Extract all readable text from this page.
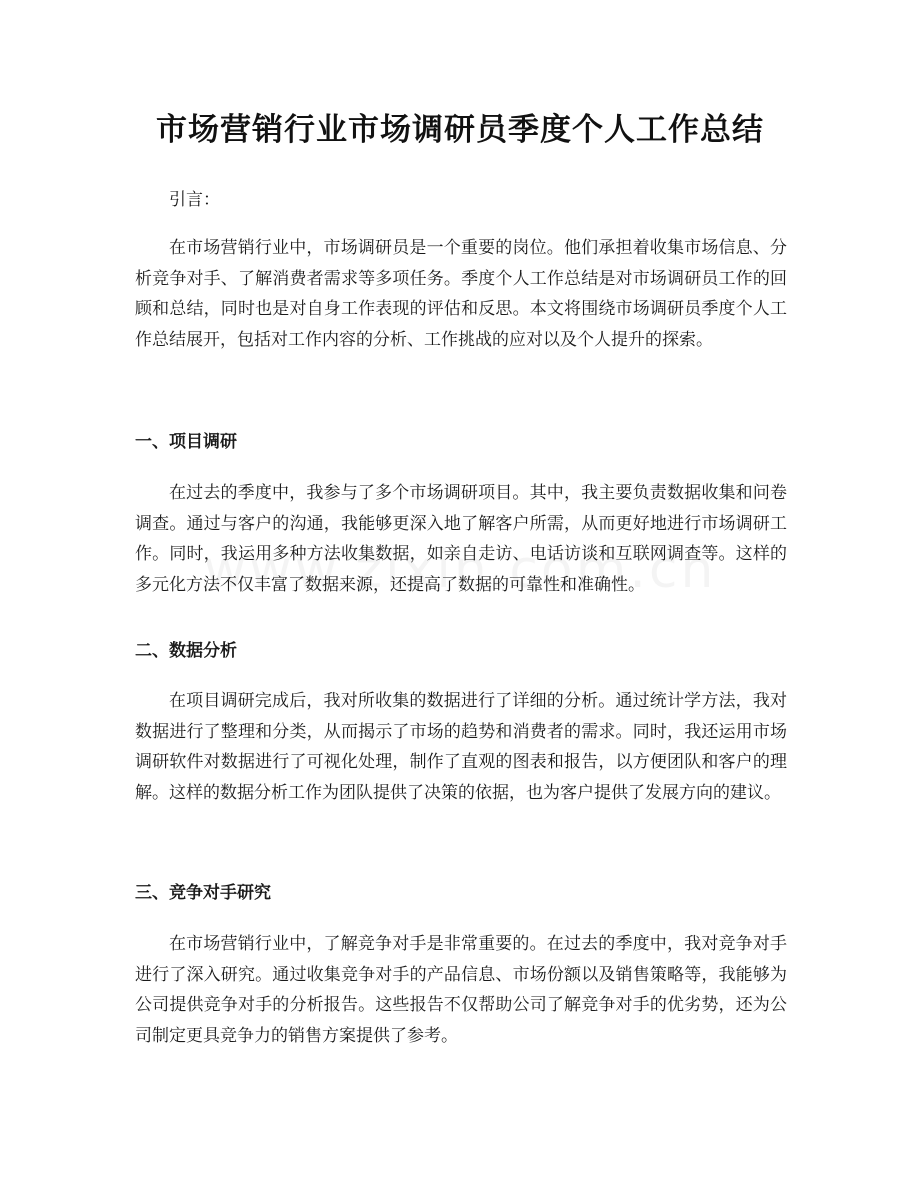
市场营销行业市场调研员季度个人工作总结

引言：

在市场营销行业中，市场调研员是一个重要的岗位。他们承担着收集市场信息、分析竞争对手、了解消费者需求等多项任务。季度个人工作总结是对市场调研员工作的回顾和总结，同时也是对自身工作表现的评估和反思。本文将围绕市场调研员季度个人工作总结展开，包括对工作内容的分析、工作挑战的应对以及个人提升的探索。

一、项目调研

在过去的季度中，我参与了多个市场调研项目。其中，我主要负责数据收集和问卷调查。通过与客户的沟通，我能够更深入地了解客户所需，从而更好地进行市场调研工作。同时，我运用多种方法收集数据，如亲自走访、电话访谈和互联网调查等。这样的多元化方法不仅丰富了数据来源，还提高了数据的可靠性和准确性。

二、数据分析

在项目调研完成后，我对所收集的数据进行了详细的分析。通过统计学方法，我对数据进行了整理和分类，从而揭示了市场的趋势和消费者的需求。同时，我还运用市场调研软件对数据进行了可视化处理，制作了直观的图表和报告，以方便团队和客户的理解。这样的数据分析工作为团队提供了决策的依据，也为客户提供了发展方向的建议。

三、竞争对手研究

在市场营销行业中，了解竞争对手是非常重要的。在过去的季度中，我对竞争对手进行了深入研究。通过收集竞争对手的产品信息、市场份额以及销售策略等，我能够为公司提供竞争对手的分析报告。这些报告不仅帮助公司了解竞争对手的优劣势，还为公司制定更具竞争力的销售方案提供了参考。
